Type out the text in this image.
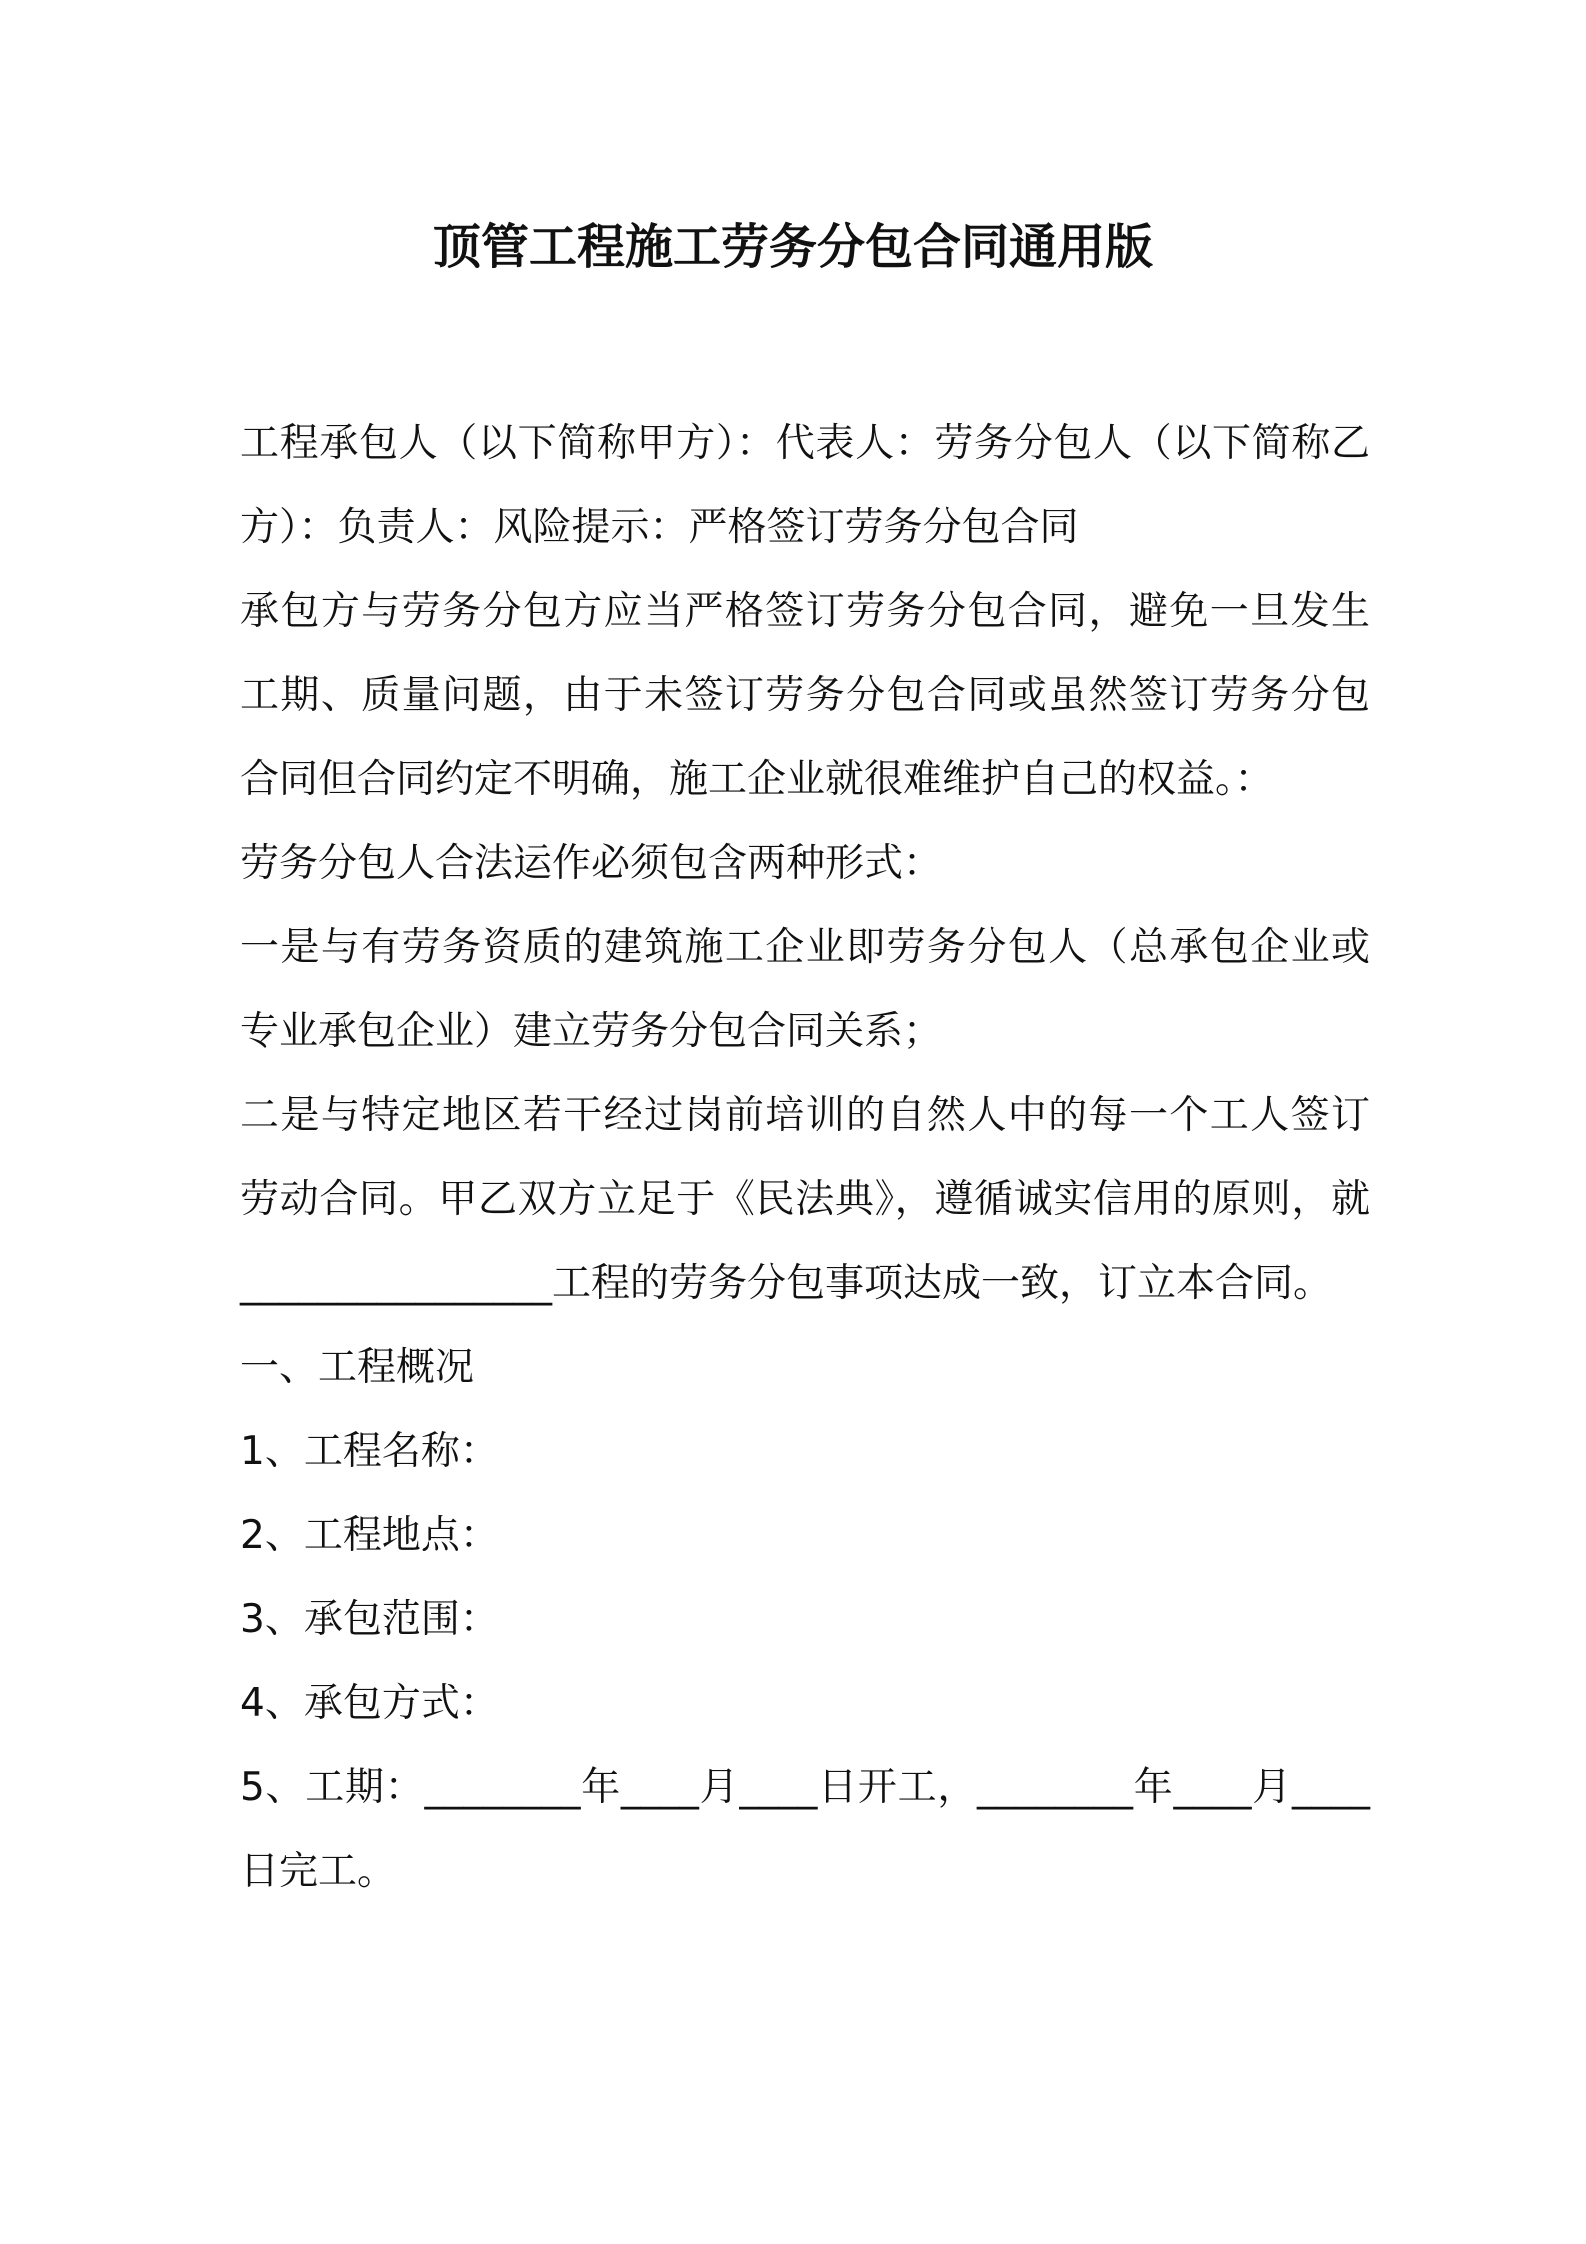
顶管工程施工劳务分包合同通用版

工程承包人（以下简称甲方）：代表人：劳务分包人（以下简称乙方）：负责人：风险提示：严格签订劳务分包合同

承包方与劳务分包方应当严格签订劳务分包合同，避免一旦发生工期、质量问题，由于未签订劳务分包合同或虽然签订劳务分包合同但合同约定不明确，施工企业就很难维护自己的权益。：

劳务分包人合法运作必须包含两种形式：

一是与有劳务资质的建筑施工企业即劳务分包人（总承包企业或专业承包企业）建立劳务分包合同关系；

二是与特定地区若干经过岗前培训的自然人中的每一个工人签订劳动合同。甲乙双方立足于《民法典》，遵循诚实信用的原则，就________________工程的劳务分包事项达成一致，订立本合同。

一、工程概况

1、工程名称：

2、工程地点：

3、承包范围：

4、承包方式：

5、工期：________年____月____日开工，________年____月____日完工。
